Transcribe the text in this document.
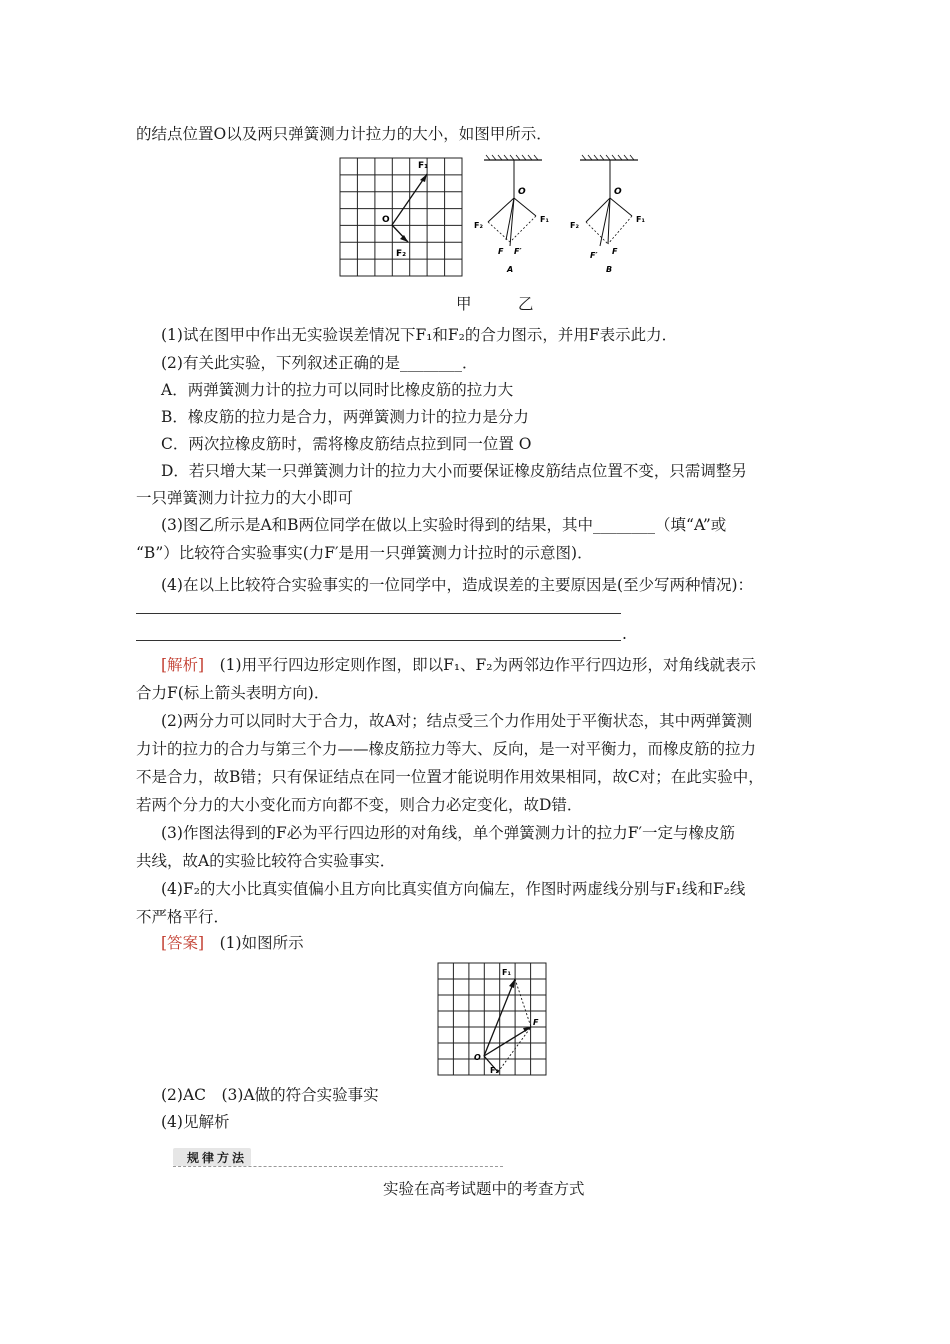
的结点位置O以及两只弹簧测力计拉力的大小，如图甲所示．
F₁
O
F₂
O
F₂
F₁
F F′
A
O
F₂
F₁
F′ F
B
甲	乙
(1)试在图甲中作出无实验误差情况下F₁和F₂的合力图示，并用F表示此力．
(2)有关此实验，下列叙述正确的是________．
A．两弹簧测力计的拉力可以同时比橡皮筋的拉力大
B．橡皮筋的拉力是合力，两弹簧测力计的拉力是分力
C．两次拉橡皮筋时，需将橡皮筋结点拉到同一位置 O
D．若只增大某一只弹簧测力计的拉力大小而要保证橡皮筋结点位置不变，只需调整另
一只弹簧测力计拉力的大小即可
(3)图乙所示是A和B两位同学在做以上实验时得到的结果，其中________（填“A”或
“B”）比较符合实验事实(力F′是用一只弹簧测力计拉时的示意图)．
(4)在以上比较符合实验事实的一位同学中，造成误差的主要原因是(至少写两种情况)：
.
[解析]　 (1)用平行四边形定则作图，即以F₁、F₂为两邻边作平行四边形，对角线就表示
合力F(标上箭头表明方向)．
(2)两分力可以同时大于合力，故A对；结点受三个力作用处于平衡状态，其中两弹簧测
力计的拉力的合力与第三个力——橡皮筋拉力等大、反向，是一对平衡力，而橡皮筋的拉力
不是合力，故B错；只有保证结点在同一位置才能说明作用效果相同，故C对；在此实验中，
若两个分力的大小变化而方向都不变，则合力必定变化，故D错．
(3)作图法得到的F必为平行四边形的对角线，单个弹簧测力计的拉力F′一定与橡皮筋
共线，故A的实验比较符合实验事实．
(4)F₂的大小比真实值偏小且方向比真实值方向偏左，作图时两虚线分别与F₁线和F₂线
不严格平行．
[答案]　 (1)如图所示
F₁
F
O
F₂
(2)AC　(3)A做的符合实验事实
(4)见解析
规律方法
实验在高考试题中的考查方式
